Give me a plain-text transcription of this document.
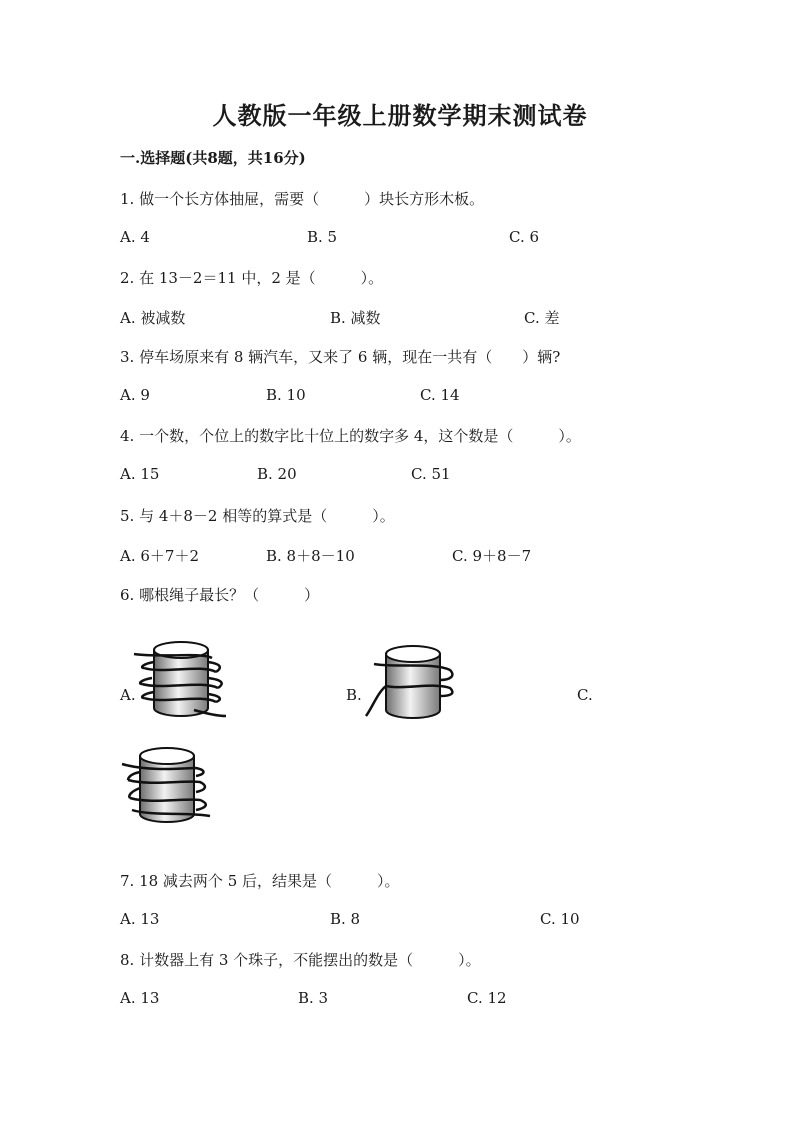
人教版一年级上册数学期末测试卷
一.选择题(共8题，共16分)
1. 做一个长方体抽屉，需要（　　　）块长方形木板。
A. 4	B. 5	C. 6
2. 在 13－2＝11 中，2 是（　　　）。
A. 被减数	B. 减数	C. 差
3. 停车场原来有 8 辆汽车，又来了 6 辆，现在一共有（　　）辆?
A. 9	B. 10	C. 14
4. 一个数，个位上的数字比十位上的数字多 4，这个数是（　　　）。
A. 15	B. 20	C. 51
5. 与 4＋8－2 相等的算式是（　　　）。
A. 6＋7＋2	B. 8＋8－10	C. 9＋8－7
6. 哪根绳子最长？（　　　）
A.	B.	C.
7. 18 减去两个 5 后，结果是（　　　）。
A. 13	B. 8	C. 10
8. 计数器上有 3 个珠子，不能摆出的数是（　　　）。
A. 13	B. 3	C. 12
